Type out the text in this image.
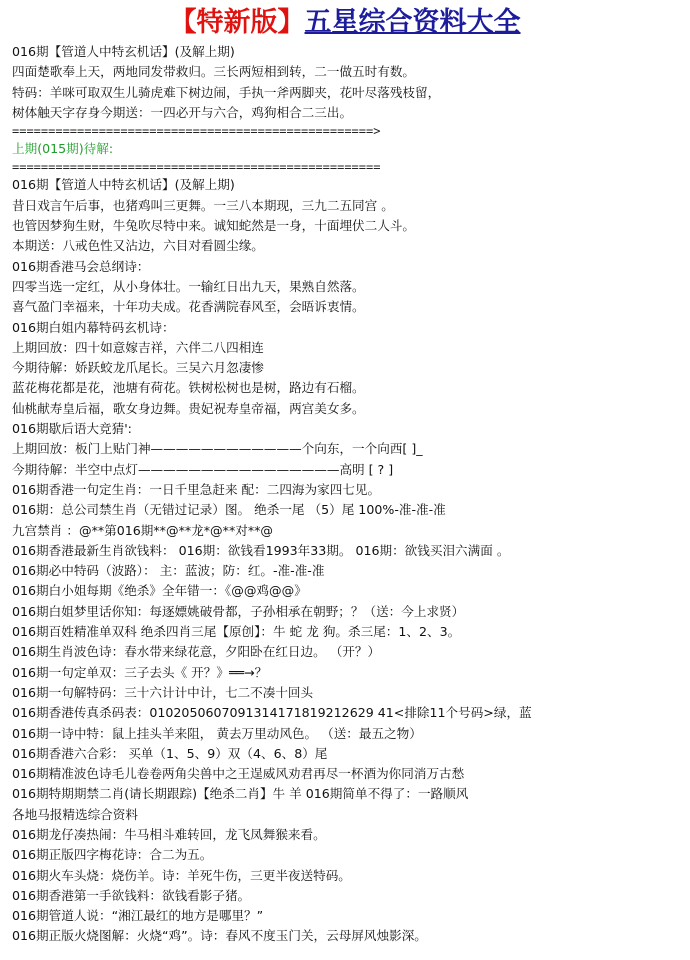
【特新版】五星综合资料大全
016期【管道人中特玄机话】(及解上期)
四面楚歌奉上天，两地同发带救归。三长两短相到转，二一做五时有数。
特码：羊咪可取双生儿骑虎难下树边闹，手执一斧两脚夹，花叶尽落残枝留，
树体触天字存身今期送：一四必开与六合，鸡狗相合二三出。
==================================================>
上期(015期)待解:
===================================================
016期【管道人中特玄机话】(及解上期)
昔日戏言午后事，也猪鸡叫三更舞。一三八本期现，三九二五同宫 。
也管因梦狗生财，牛兔吹尽特中来。诚知蛇然是一身，十面埋伏二人斗。
本期送：八戒色性又沾边，六目对看圆尘缘。
016期香港马会总纲诗：
四零当选一定红，从小身体壮。一输红日出九天，果熟自然落。
喜气盈门幸福来，十年功夫成。花香满院春风至，会晤诉衷情。
016期白姐内幕特码玄机诗：
上期回放：四十如意嫁吉祥，六伴二八四相连
今期待解：娇跃蛟龙爪尾长。三吴六月忽凄惨
蓝花梅花都是花，池塘有荷花。铁树松树也是树，路边有石榴。
仙桃献寿皇后福，歌女身边舞。贵妃祝寿皇帝福，两宫美女多。
016期歇后语大竞猜':
上期回放：板门上贴门神————————————个向东，一个向西[ ]_
今期待解：半空中点灯————————————————高明 [ ? ]
016期香港一句定生肖：一日千里急赶来 配：二四海为家四七见。
016期：总公司禁生肖（无错过记录）图。 绝杀一尾 （5）尾 100%-准-准-准
九宫禁肖 ：@**第016期**@**龙*@**对**@
016期香港最新生肖欲钱料： 016期：欲钱看1993年33期。 016期：欲钱买泪六满面 。
016期必中特码（波路）： 主：蓝波；防：红。-准-准-准
016期白小姐每期《绝杀》全年错一：《@@鸡@@》
016期白姐梦里话你知：每逐嫖姚破骨都，子孙相承在朝野；？（送：今上求贤）
016期百姓精准单双科 绝杀四肖三尾【原创】：牛 蛇 龙 狗。杀三尾：1、2、3。
016期生肖波色诗：春水带来绿花意，夕阳卧在红日边。 （开？）
016期一句定单双：三子去头《 开？》══→？
016期一句解特码：三十六计计中计，七二不凑十回头
016期香港传真杀码表：0102050607091314171819212629 41<排除11个号码>绿，蓝
016期一诗中特：鼠上挂头羊来阻， 黄去万里动风色。 （送：最五之物）
016期香港六合彩： 买单（1、5、9）双（4、6、8）尾
016期精准波色诗毛儿卷卷两角尖兽中之王逞威风劝君再尽一杯酒为你同消万古愁
016期特期期禁二肖(请长期跟踪)【绝杀二肖】牛 羊 016期简单不得了：一路顺风
各地马报精选综合资料
016期龙仔凑热闹：牛马相斗难转回，龙飞凤舞猴来看。
016期正版四字梅花诗：合二为五。
016期火车头烧：烧伤羊。诗：羊死牛伤，三更半夜送特码。
016期香港第一手欲钱料：欲钱看影子猪。
016期管道人说：“湘江最红的地方是哪里？”
016期正版火烧图解：火烧“鸡”。诗：春风不度玉门关，云母屏风烛影深。
